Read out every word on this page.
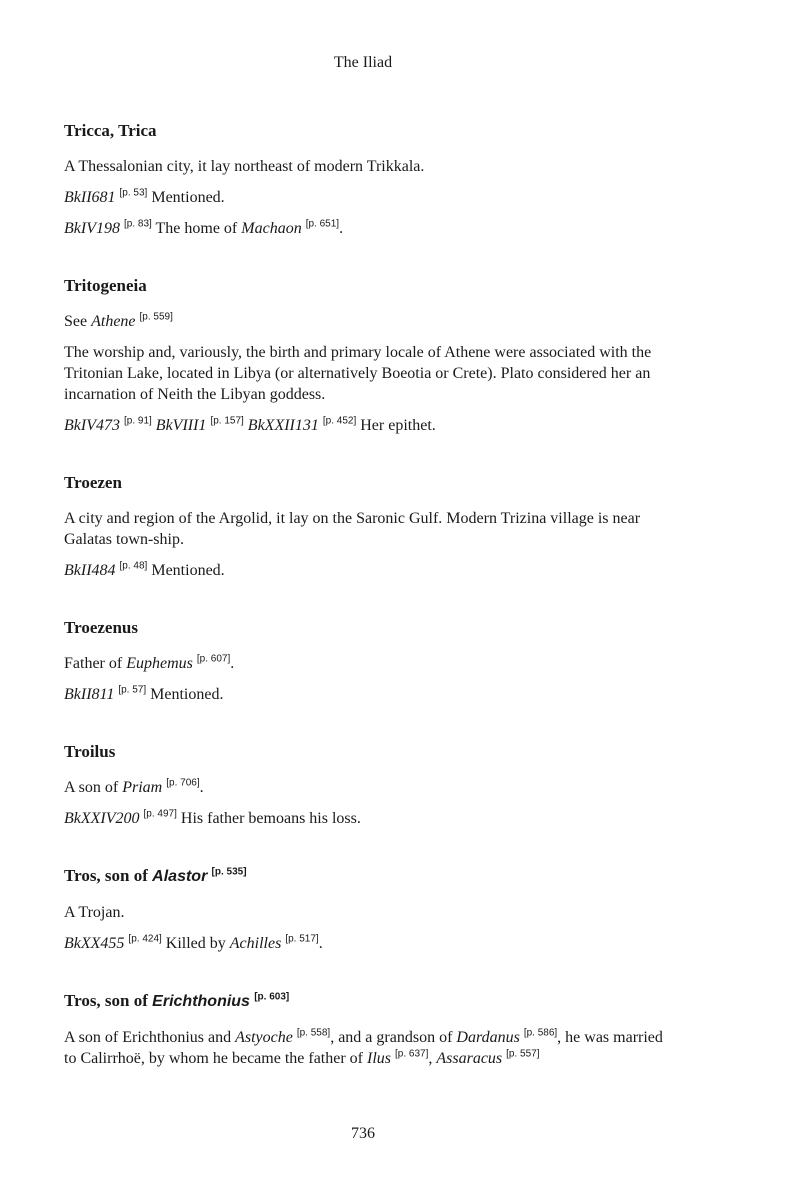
The Iliad
Tricca, Trica

A Thessalonian city, it lay northeast of modern Trikkala.

BkII681 [p. 53] Mentioned.

BkIV198 [p. 83] The home of Machaon [p. 651].

Tritogeneia

See Athene [p. 559]

The worship and, variously, the birth and primary locale of Athene were associated with the Tritonian Lake, located in Libya (or alternatively Boeotia or Crete). Plato considered her an incarnation of Neith the Libyan goddess.

BkIV473 [p. 91] BkVIII1 [p. 157] BkXXII131 [p. 452] Her epithet.

Troezen

A city and region of the Argolid, it lay on the Saronic Gulf. Modern Trizina village is near Galatas town-ship.

BkII484 [p. 48] Mentioned.

Troezenus

Father of Euphemus [p. 607].

BkII811 [p. 57] Mentioned.

Troilus

A son of Priam [p. 706].

BkXXIV200 [p. 497] His father bemoans his loss.

Tros, son of Alastor [p. 535]

A Trojan.

BkXX455 [p. 424] Killed by Achilles [p. 517].

Tros, son of Erichthonius [p. 603]

A son of Erichthonius and Astyoche [p. 558], and a grandson of Dardanus [p. 586], he was married to Calirrhoë, by whom he became the father of Ilus [p. 637], Assaracus [p. 557]

736
